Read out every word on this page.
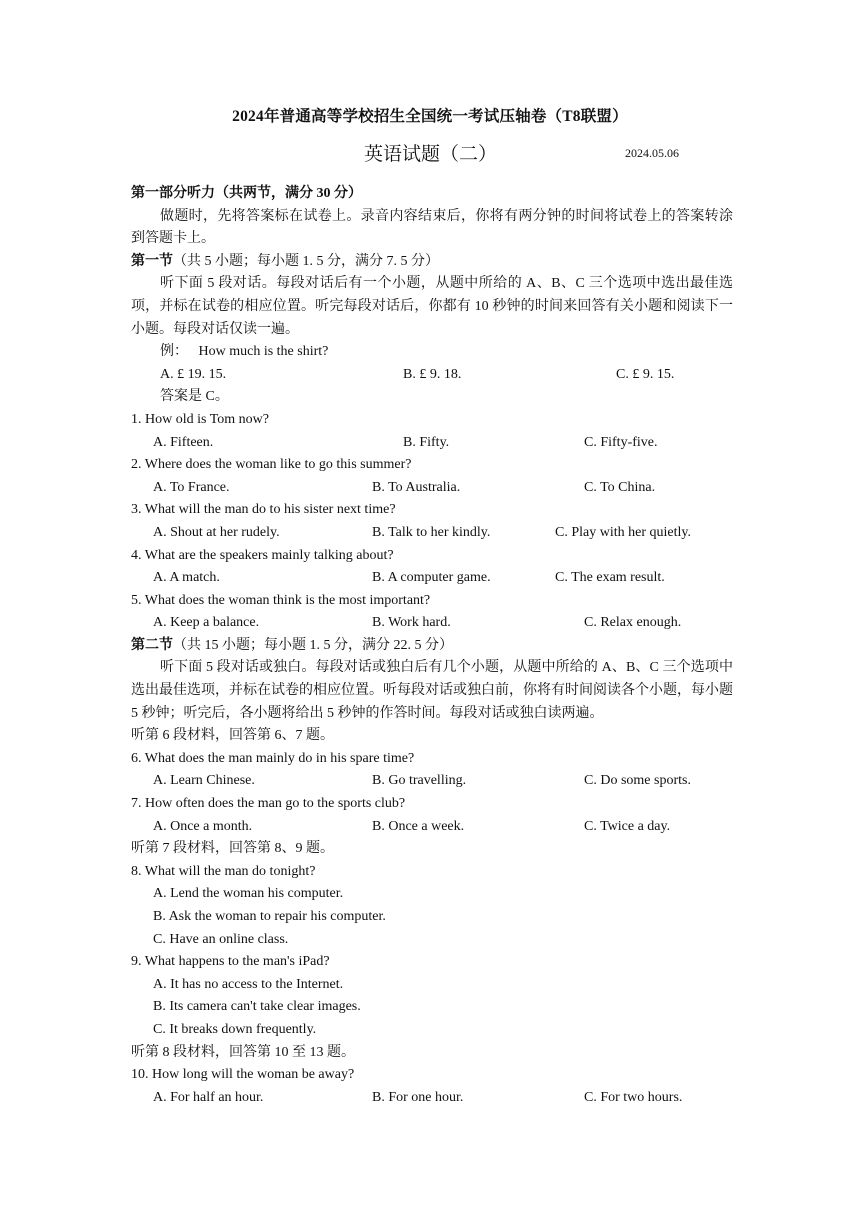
2024年普通高等学校招生全国统一考试压轴卷（T8联盟）
英语试题（二）	2024.05.06
第一部分听力（共两节，满分 30 分）
做题时，先将答案标在试卷上。录音内容结束后，你将有两分钟的时间将试卷上的答案转涂到答题卡上。
第一节（共 5 小题；每小题 1. 5 分，满分 7. 5 分）
听下面 5 段对话。每段对话后有一个小题，从题中所给的 A、B、C 三个选项中选出最佳选项，并标在试卷的相应位置。听完每段对话后，你都有 10 秒钟的时间来回答有关小题和阅读下一小题。每段对话仅读一遍。
例： How much is the shirt?
A. £ 19. 15.	B. £ 9. 18.	C. £ 9. 15.
答案是 C。
1. How old is Tom now?
A. Fifteen.	B. Fifty.	C. Fifty-five.
2. Where does the woman like to go this summer?
A. To France.	B. To Australia.	C. To China.
3. What will the man do to his sister next time?
A. Shout at her rudely.	B. Talk to her kindly.	C. Play with her quietly.
4. What are the speakers mainly talking about?
A. A match.	B. A computer game.	C. The exam result.
5. What does the woman think is the most important?
A. Keep a balance.	B. Work hard.	C. Relax enough.
第二节（共 15 小题；每小题 1. 5 分，满分 22. 5 分）
听下面 5 段对话或独白。每段对话或独白后有几个小题，从题中所给的 A、B、C 三个选项中选出最佳选项，并标在试卷的相应位置。听每段对话或独白前，你将有时间阅读各个小题，每小题 5 秒钟；听完后，各小题将给出 5 秒钟的作答时间。每段对话或独白读两遍。
听第 6 段材料，回答第 6、7 题。
6. What does the man mainly do in his spare time?
A. Learn Chinese.	B. Go travelling.	C. Do some sports.
7. How often does the man go to the sports club?
A. Once a month.	B. Once a week.	C. Twice a day.
听第 7 段材料，回答第 8、9 题。
8. What will the man do tonight?
A. Lend the woman his computer.
B. Ask the woman to repair his computer.
C. Have an online class.
9. What happens to the man's iPad?
A. It has no access to the Internet.
B. Its camera can't take clear images.
C. It breaks down frequently.
听第 8 段材料，回答第 10 至 13 题。
10. How long will the woman be away?
A. For half an hour.	B. For one hour.	C. For two hours.
